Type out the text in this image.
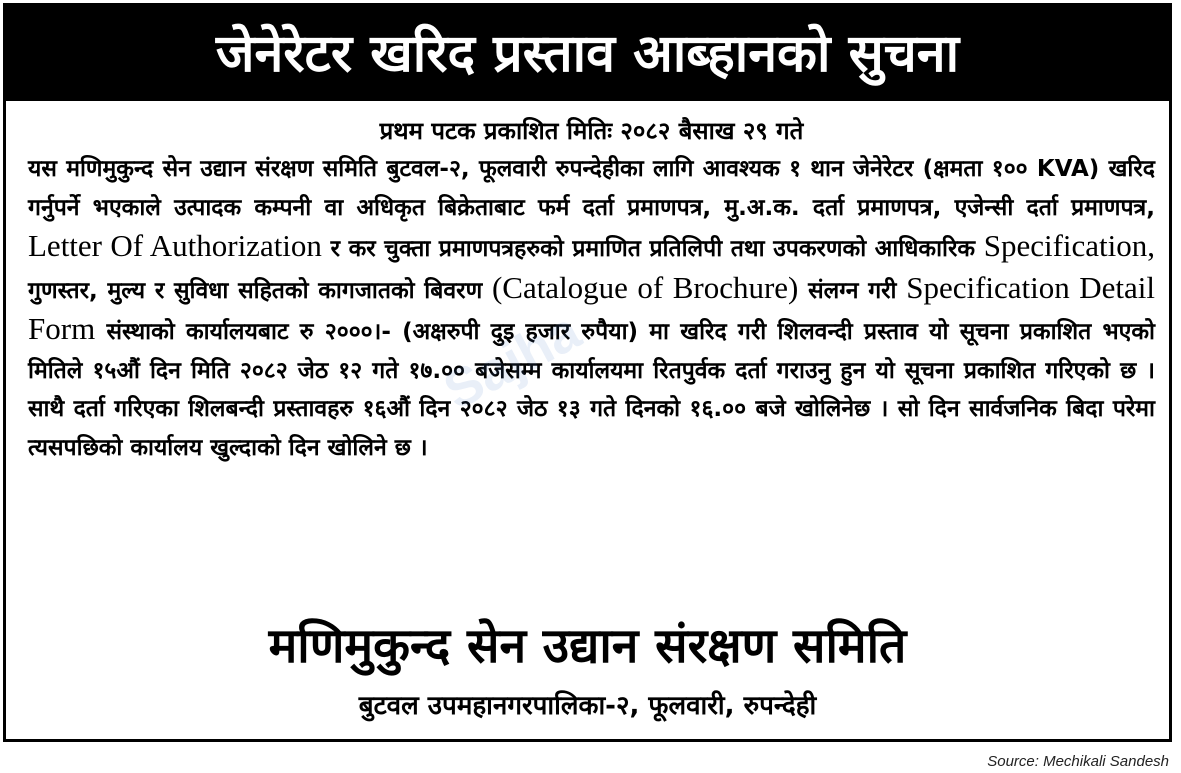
जेनेरेटर खरिद प्रस्ताव आब्हानको सुचना

प्रथम पटक प्रकाशित मितिः २०८२ बैसाख २९ गते

यस मणिमुकुन्द सेन उद्यान संरक्षण समिति बुटवल-२, फूलवारी रुपन्देहीका लागि आवश्यक १ थान जेनेरेटर (क्षमता १०० KVA) खरिद गर्नुपर्ने भएकाले उत्पादक कम्पनी वा अधिकृत बिक्रेताबाट फर्म दर्ता प्रमाणपत्र, मु.अ.क. दर्ता प्रमाणपत्र, एजेन्सी दर्ता प्रमाणपत्र, Letter Of Authorization र कर चुक्ता प्रमाणपत्रहरुको प्रमाणित प्रतिलिपी तथा उपकरणको आधिकारिक Specification, गुणस्तर, मुल्य र सुविधा सहितको कागजातको बिवरण (Catalogue of Brochure) संलग्न गरी Specification Detail Form संस्थाको कार्यालयबाट रु २०००।- (अक्षरुपी दुइ हजार रुपैया) मा खरिद गरी शिलवन्दी प्रस्ताव यो सूचना प्रकाशित भएको मितिले १५औं दिन मिति २०८२ जेठ १२ गते १७.०० बजेसम्म कार्यालयमा रितपुर्वक दर्ता गराउनु हुन यो सूचना प्रकाशित गरिएको छ । साथै दर्ता गरिएका शिलबन्दी प्रस्तावहरु १६औं दिन २०८२ जेठ १३ गते दिनको १६.०० बजे खोलिनेछ । सो दिन सार्वजनिक बिदा परेमा त्यसपछिको कार्यालय खुल्दाको दिन खोलिने छ ।

मणिमुकुन्द सेन उद्यान संरक्षण समिति
बुटवल उपमहानगरपालिका-२, फूलवारी, रुपन्देही
Source: Mechikali Sandesh
